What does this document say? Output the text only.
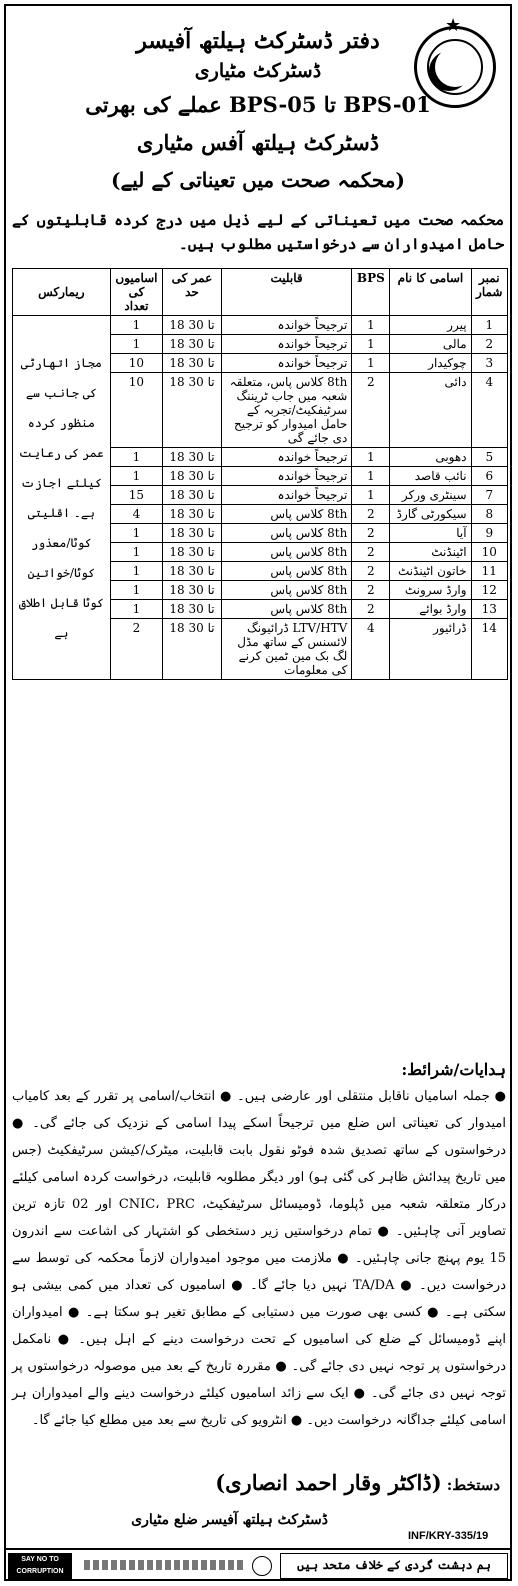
★
دفتر ڈسٹرکٹ ہیلتھ آفیسر
ڈسٹرکٹ مٹیاری
BPS-01 تا BPS-05 عملے کی بھرتی
ڈسٹرکٹ ہیلتھ آفس مٹیاری
(محکمہ صحت میں تعیناتی کے لیے)
محکمہ صحت میں تعیناتی کے لیے ذیل میں درج کردہ قابلیتوں کے حامل امیدواران سے درخواستیں مطلوب ہیں۔
نمبر شمار	اسامی کا نام	BPS	قابلیت	عمر کی حد	اسامیوں کی تعداد	ریمارکس
1	پیرر	1	ترجیحاً خواندہ	18 تا 30	1	مجاز اتھارٹی کی جانب سے منظور کردہ عمر کی رعایت کیلئے اجازت ہے۔ اقلیتی کوٹا/معذور کوٹا/خواتین کوٹا قابل اطلاق ہے
2	مالی	1	ترجیحاً خواندہ	18 تا 30	1	
3	چوکیدار	1	ترجیحاً خواندہ	18 تا 30	10	
4	دائی	2	8th کلاس پاس، متعلقہ شعبہ میں جاب ٹریننگ سرٹیفکیٹ/تجربہ کے حامل امیدوار کو ترجیح دی جائے گی	18 تا 30	10	
5	دھوبی	1	ترجیحاً خواندہ	18 تا 30	1	
6	نائب قاصد	1	ترجیحاً خواندہ	18 تا 30	1	
7	سینٹری ورکر	1	ترجیحاً خواندہ	18 تا 30	15	
8	سیکورٹی گارڈ	2	8th کلاس پاس	18 تا 30	4	
9	آیا	2	8th کلاس پاس	18 تا 30	1	
10	اٹینڈنٹ	2	8th کلاس پاس	18 تا 30	1	
11	خاتون اٹینڈنٹ	2	8th کلاس پاس	18 تا 30	1	
12	وارڈ سرونٹ	2	8th کلاس پاس	18 تا 30	1	
13	وارڈ بوائے	2	8th کلاس پاس	18 تا 30	1	
14	ڈرائیور	4	LTV/HTV ڈرائیونگ لائسنس کے ساتھ مڈل لگ بک مین ٹمین کرنے کی معلومات	18 تا 30	2	
ہدایات/شرائط:
● جملہ اسامیاں ناقابل منتقلی اور عارضی ہیں۔ ● انتخاب/اسامی پر تقرر کے بعد کامیاب امیدوار کی تعیناتی اس ضلع میں ترجیحاً اسکے پیدا اسامی کے نزدیک کی جائے گی۔ ● درخواستوں کے ساتھ تصدیق شدہ فوٹو نقول بابت قابلیت، میٹرک/کیشن سرٹیفکیٹ (جس میں تاریخ پیدائش ظاہر کی گئی ہو) اور دیگر مطلوبہ قابلیت، درخواست کردہ اسامی کیلئے درکار متعلقہ شعبہ میں ڈپلوما، ڈومیسائل سرٹیفکیٹ، CNIC، PRC اور 02 تازہ ترین تصاویر آنی چاہئیں۔ ● تمام درخواستیں زیر دستخطی کو اشتہار کی اشاعت سے اندرون 15 یوم پہنچ جانی چاہئیں۔ ● ملازمت میں موجود امیدواران لازماً محکمہ کی توسط سے درخواست دیں۔ ● TA/DA نہیں دیا جائے گا۔ ● اسامیوں کی تعداد میں کمی بیشی ہو سکتی ہے۔ ● کسی بھی صورت میں دستیابی کے مطابق تغیر ہو سکتا ہے۔ ● امیدواران اپنے ڈومیسائل کے ضلع کی اسامیوں کے تحت درخواست دینے کے اہل ہیں۔ ● نامکمل درخواستوں پر توجہ نہیں دی جائے گی۔ ● مقررہ تاریخ کے بعد میں موصولہ درخواستوں پر توجہ نہیں دی جائے گی۔ ● ایک سے زائد اسامیوں کیلئے درخواست دینے والے امیدواران ہر اسامی کیلئے جداگانہ درخواست دیں۔ ● انٹرویو کی تاریخ سے بعد میں مطلع کیا جائے گا۔
دستخط: (ڈاکٹر وقار احمد انصاری)
ڈسٹرکٹ ہیلتھ آفیسر ضلع مٹیاری
INF/KRY-335/19
SAY NO TO CORRUPTION	ہم دہشت گردی کے خلاف متحد ہیں
